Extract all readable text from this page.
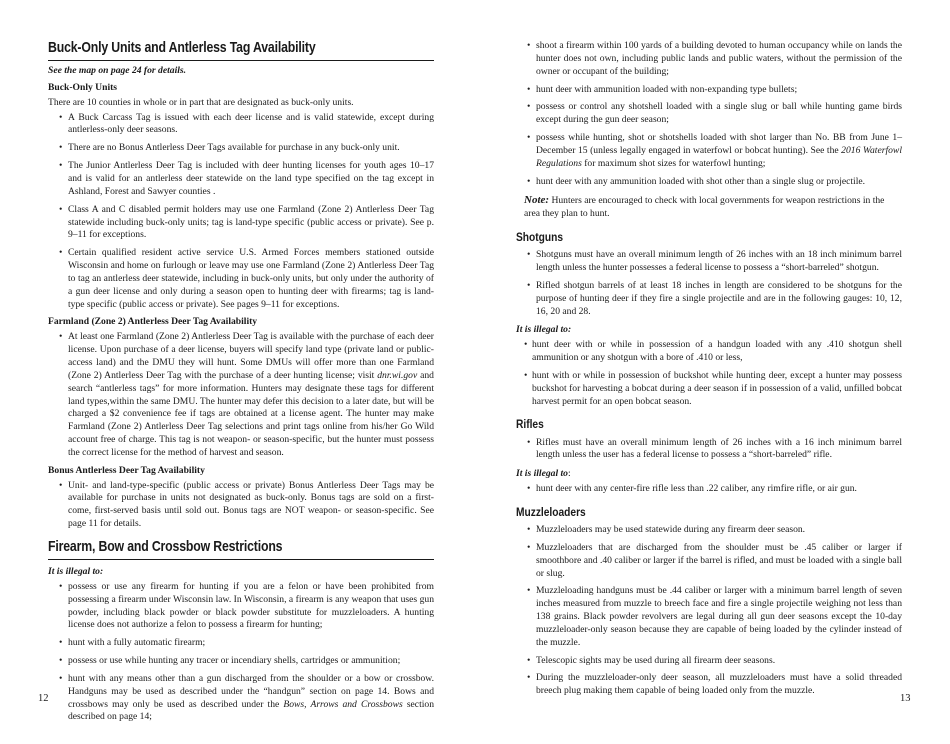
Buck-Only Units and Antlerless Tag Availability
See the map on page 24 for details.
Buck-Only Units

There are 10 counties in whole or in part that are designated as buck-only units.

• A Buck Carcass Tag is issued with each deer license and is valid statewide, except during antlerless-only deer seasons.
• There are no Bonus Antlerless Deer Tags available for purchase in any buck-only unit.
• The Junior Antlerless Deer Tag is included with deer hunting licenses for youth ages 10–17 and is valid for an antlerless deer statewide on the land type specified on the tag except in Ashland, Forest and Sawyer counties .
• Class A and C disabled permit holders may use one Farmland (Zone 2) Antlerless Deer Tag statewide including buck-only units; tag is land-type specific (public access or private). See p. 9–11 for exceptions.
• Certain qualified resident active service U.S. Armed Forces members stationed outside Wisconsin and home on furlough or leave may use one Farmland (Zone 2) Antlerless Deer Tag to tag an antlerless deer statewide, including in buck-only units, but only under the authority of a gun deer license and only during a season open to hunting deer with firearms; tag is land-type specific (public access or private). See pages 9–11 for exceptions.
Farmland (Zone 2) Antlerless Deer Tag Availability
• At least one Farmland (Zone 2) Antlerless Deer Tag is available with the purchase of each deer license. Upon purchase of a deer license, buyers will specify land type (private land or public-access land) and the DMU they will hunt. Some DMUs will offer more than one Farmland (Zone 2) Antlerless Deer Tag with the purchase of a deer hunting license; visit dnr.wi.gov and search “antlerless tags” for more information. Hunters may designate these tags for different land types,within the same DMU. The hunter may defer this decision to a later date, but will be charged a $2 convenience fee if tags are obtained at a license agent. The hunter may make Farmland (Zone 2) Antlerless Deer Tag selections and print tags online from his/her Go Wild account free of charge. This tag is not weapon- or season-specific, but the hunter must possess the correct license for the method of harvest and season.
Bonus Antlerless Deer Tag Availability
• Unit- and land-type-specific (public access or private) Bonus Antlerless Deer Tags may be available for purchase in units not designated as buck-only. Bonus tags are sold on a first-come, first-served basis until sold out. Bonus tags are NOT weapon- or season-specific. See page 11 for details.
Firearm, Bow and Crossbow Restrictions
It is illegal to:
• possess or use any firearm for hunting if you are a felon or have been prohibited from possessing a firearm under Wisconsin law. In Wisconsin, a firearm is any weapon that uses gun powder, including black powder or black powder substitute for muzzleloaders. A hunting license does not authorize a felon to possess a firearm for hunting;
• hunt with a fully automatic firearm;
• possess or use while hunting any tracer or incendiary shells, cartridges or ammunition;
• hunt with any means other than a gun discharged from the shoulder or a bow or crossbow. Handguns may be used as described under the “handgun” section on page 14. Bows and crossbows may only be used as described under the Bows, Arrows and Crossbows section described on page 14;
12
• shoot a firearm within 100 yards of a building devoted to human occupancy while on lands the hunter does not own, including public lands and public waters, without the permission of the owner or occupant of the building;
• hunt deer with ammunition loaded with non-expanding type bullets;
• possess or control any shotshell loaded with a single slug or ball while hunting game birds except during the gun deer season;
• possess while hunting, shot or shotshells loaded with shot larger than No. BB from June 1– December 15 (unless legally engaged in waterfowl or bobcat hunting). See the 2016 Waterfowl Regulations for maximum shot sizes for waterfowl hunting;
• hunt deer with any ammunition loaded with shot other than a single slug or projectile.
Note: Hunters are encouraged to check with local governments for weapon restrictions in the area they plan to hunt.
Shotguns
• Shotguns must have an overall minimum length of 26 inches with an 18 inch minimum barrel length unless the hunter possesses a federal license to possess a “short-barreled” shotgun.
• Rifled shotgun barrels of at least 18 inches in length are considered to be shotguns for the purpose of hunting deer if they fire a single projectile and are in the following gauges: 10, 12, 16, 20 and 28.
It is illegal to:
• hunt deer with or while in possession of a handgun loaded with any .410 shotgun shell ammunition or any shotgun with a bore of .410 or less,
• hunt with or while in possession of buckshot while hunting deer, except a hunter may possess buckshot for harvesting a bobcat during a deer season if in possession of a valid, unfilled bobcat harvest permit for an open bobcat season.
Rifles
• Rifles must have an overall minimum length of 26 inches with a 16 inch minimum barrel length unless the user has a federal license to possess a “short-barreled” rifle.
It is illegal to:
• hunt deer with any center-fire rifle less than .22 caliber, any rimfire rifle, or air gun.
Muzzleloaders
• Muzzleloaders may be used statewide during any firearm deer season.
• Muzzleloaders that are discharged from the shoulder must be .45 caliber or larger if smoothbore and .40 caliber or larger if the barrel is rifled, and must be loaded with a single ball or slug.
• Muzzleloading handguns must be .44 caliber or larger with a minimum barrel length of seven inches measured from muzzle to breech face and fire a single projectile weighing not less than 138 grains. Black powder revolvers are legal during all gun deer seasons except the 10-day muzzleloader-only season because they are capable of being loaded by the cylinder instead of the muzzle.
• Telescopic sights may be used during all firearm deer seasons.
• During the muzzleloader-only deer season, all muzzleloaders must have a solid threaded breech plug making them capable of being loaded only from the muzzle.
13
